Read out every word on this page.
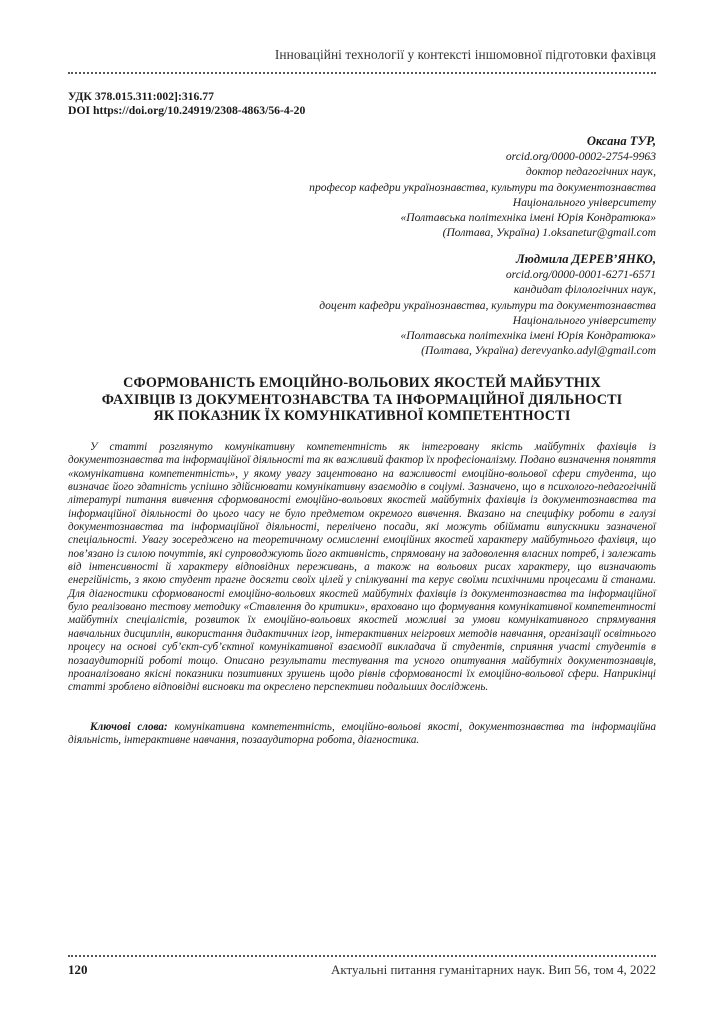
Інноваційні технології у контексті іншомовної підготовки фахівця
УДК 378.015.311:002]:316.77
DOI https://doi.org/10.24919/2308-4863/56-4-20
Оксана ТУР,
orcid.org/0000-0002-2754-9963
доктор педагогічних наук,
професор кафедри українознавства, культури та документознавства
Національного університету
«Полтавська політехніка імені Юрія Кондратюка»
(Полтава, Україна) 1.oksanetur@gmail.com
Людмила ДЕРЕВ’ЯНКО,
orcid.org/0000-0001-6271-6571
кандидат філологічних наук,
доцент кафедри українознавства, культури та документознавства
Національного університету
«Полтавська політехніка імені Юрія Кондратюка»
(Полтава, Україна) derevyanko.adyl@gmail.com
СФОРМОВАНІСТЬ ЕМОЦІЙНО-ВОЛЬОВИХ ЯКОСТЕЙ МАЙБУТНІХ
ФАХІВЦІВ ІЗ ДОКУМЕНТОЗНАВСТВА ТА ІНФОРМАЦІЙНОЇ ДІЯЛЬНОСТІ
ЯК ПОКАЗНИК ЇХ КОМУНІКАТИВНОЇ КОМПЕТЕНТНОСТІ

У статті розглянуто комунікативну компетентність як інтегровану якість майбутніх фахівців із документознавства та інформаційної діяльності та як важливий фактор їх професіоналізму. Подано визначення поняття «комунікативна компетентність», у якому увагу зацентовано на важливості емоційно-вольової сфери студента, що визначає його здатність успішно здійснювати комунікативну взаємодію в соціумі. Зазначено, що в психолого-педагогічній літературі питання вивчення сформованості емоційно-вольових якостей майбутніх фахівців із документознавства та інформаційної діяльності до цього часу не було предметом окремого вивчення. Вказано на специфіку роботи в галузі документознавства та інформаційної діяльності, перелічено посади, які можуть обіймати випускники зазначеної спеціальності. Увагу зосереджено на теоретичному осмисленні емоційних якостей характеру майбутнього фахівця, що пов’язано із силою почуттів, які супроводжують його активність, спрямовану на задоволення власних потреб, і залежать від інтенсивності й характеру відповідних переживань, а також на вольових рисах характеру, що визначають енергійність, з якою студент прагне досягти своїх цілей у спілкуванні та керує своїми психічними процесами й станами. Для діагностики сформованості емоційно-вольових якостей майбутніх фахівців із документознавства та інформаційної було реалізовано тестову методику «Ставлення до критики», враховано що формування комунікативної компетентності майбутніх спеціалістів, розвиток їх емоційно-вольових якостей можливі за умови комунікативного спрямування навчальних дисциплін, використання дидактичних ігор, інтерактивних неігрових методів навчання, організації освітнього процесу на основі суб’єкт-суб’єктної комунікативної взаємодії викладача й студентів, сприяння участі студентів в позааудиторній роботі тощо. Описано результати тестування та усного опитування майбутніх документознавців, проаналізовано якісні показники позитивних зрушень щодо рівнів сформованості їх емоційно-вольової сфери. Наприкінці статті зроблено відповідні висновки та окреслено перспективи подальших досліджень.

Ключові слова: комунікативна компетентність, емоційно-вольові якості, документознавства та інформаційна діяльність, інтерактивне навчання, позааудиторна робота, діагностика.

120	Актуальні питання гуманітарних наук. Вип 56, том 4, 2022
